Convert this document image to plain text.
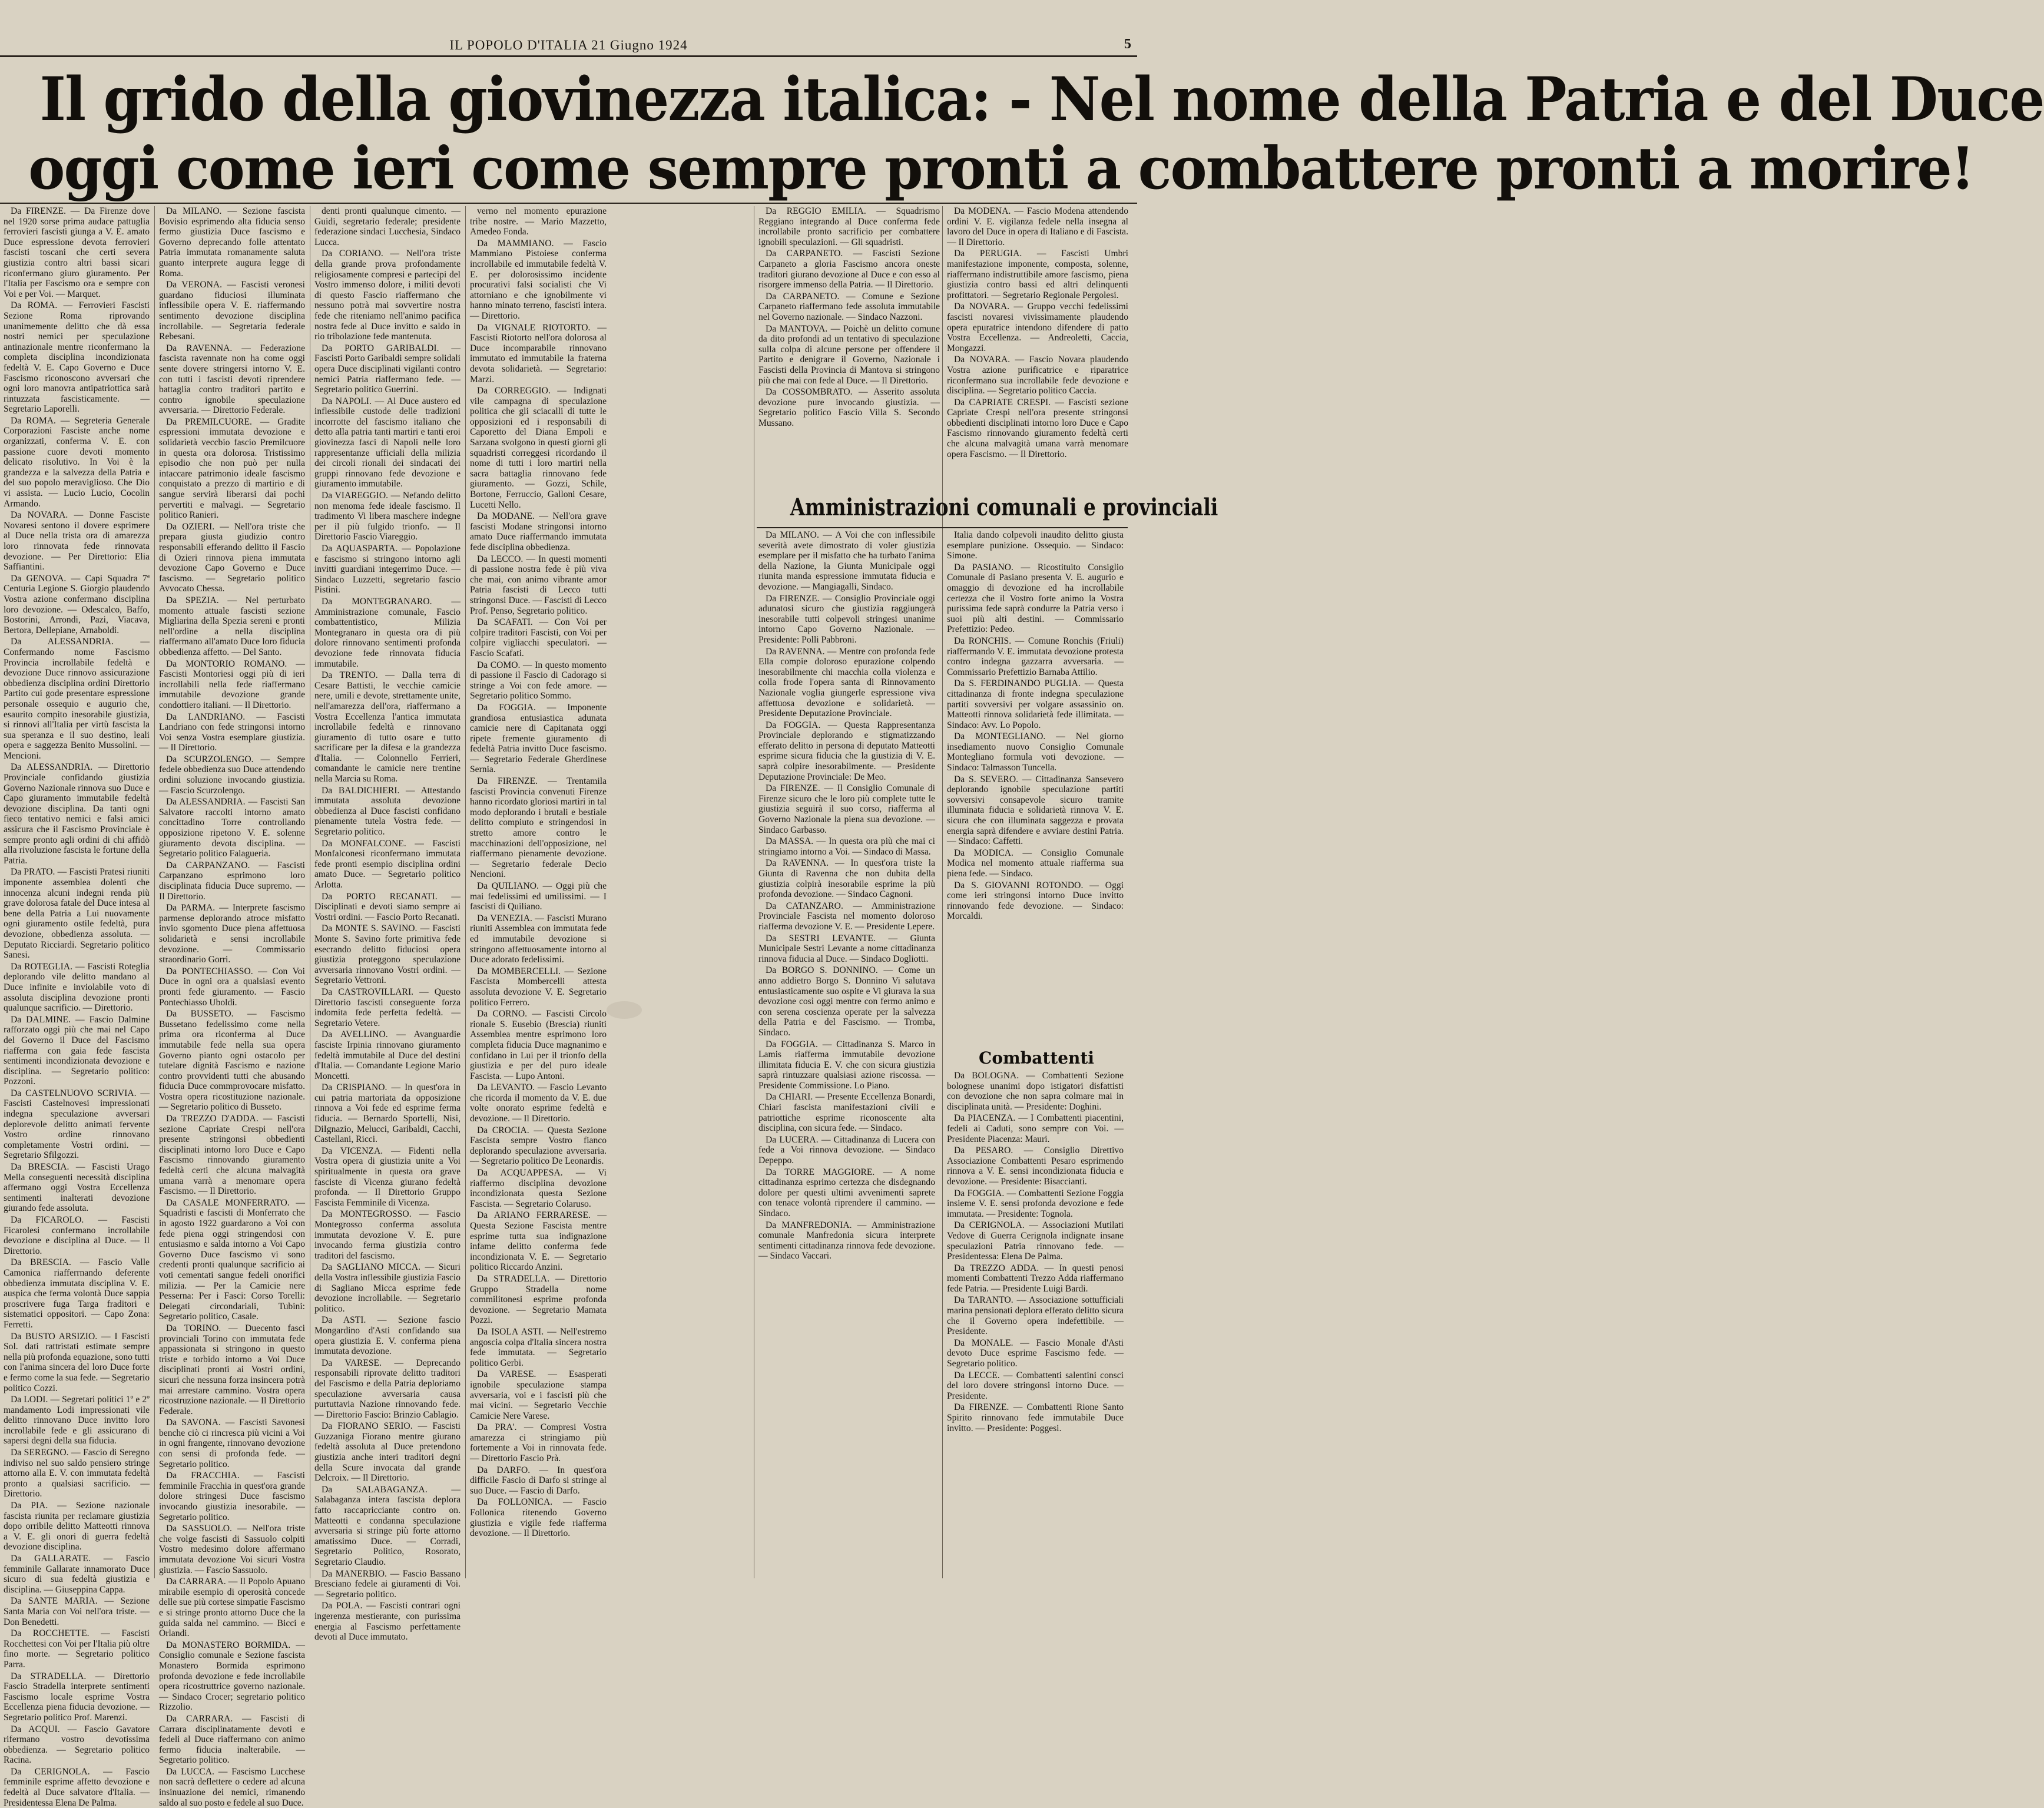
IL POPOLO D'ITALIA 21 Giugno 1924	5
Il grido della giovinezza italica: - Nel nome della Patria e del Duce
oggi come ieri come sempre pronti a combattere pronti a morire!

Da FIRENZE. — Da Firenze dove nel 1920 sorse prima audace pattuglia ferrovieri fascisti giunga a V. E. amato Duce espressione devota ferrovieri fascisti toscani che certi severa giustizia contro altri bassi sicari riconfermano giuro giuramento. Per l'Italia per Fascismo ora e sempre con Voi e per Voi. — Marquet.

Da ROMA. — Ferrovieri Fascisti Sezione Roma riprovando unanimemente delitto che dà essa nostri nemici per speculazione antinazionale mentre riconfermano la completa disciplina incondizionata fedeltà V. E. Capo Governo e Duce Fascismo riconoscono avversari che ogni loro manovra antipatriottica sarà rintuzzata fascisticamente. — Segretario Laporelli.

Da ROMA. — Segreteria Generale Corporazioni Fasciste anche nome organizzati, conferma V. E. con passione cuore devoti momento delicato risolutivo. In Voi è la grandezza e la salvezza della Patria e del suo popolo meraviglioso. Che Dio vi assista. — Lucio Lucio, Cocolin Armando.

Da NOVARA. — Donne Fasciste Novaresi sentono il dovere esprimere al Duce nella trista ora di amarezza loro rinnovata fede rinnovata devozione. — Per Direttorio: Elia Saffiantini.

Da GENOVA. — Capi Squadra 7ª Centuria Legione S. Giorgio plaudendo Vostra azione confermano disciplina loro devozione. — Odescalco, Baffo, Bostorini, Arrondi, Pazi, Viacava, Bertora, Dellepiane, Arnaboldi.

Da ALESSANDRIA. — Confermando nome Fascismo Provincia incrollabile fedeltà e devozione Duce rinnovo assicurazione obbedienza disciplina ordini Direttorio Partito cui gode presentare espressione personale ossequio e augurio che, esaurito compito inesorabile giustizia, si rinnovi all'Italia per virtù fascista la sua speranza e il suo destino, leali opera e saggezza Benito Mussolini. — Mencioni.

Da ALESSANDRIA. — Direttorio Provinciale confidando giustizia Governo Nazionale rinnova suo Duce e Capo giuramento immutabile fedeltà devozione disciplina. Da tanti ogni fieco tentativo nemici e falsi amici assicura che il Fascismo Provinciale è sempre pronto agli ordini di chi affidò alla rivoluzione fascista le fortune della Patria.

Da PRATO. — Fascisti Pratesi riuniti imponente assemblea dolenti che innocenza alcuni indegni renda più grave dolorosa fatale del Duce intesa al bene della Patria a Lui nuovamente ogni giuramento ostile fedeltà, pura devozione, obbedienza assoluta. — Deputato Ricciardi. Segretario politico Sanesi.

Da ROTEGLIA. — Fascisti Roteglia deplorando vile delitto mandano al Duce infinite e inviolabile voto di assoluta disciplina devozione pronti qualunque sacrificio. — Direttorio.

Da DALMINE. — Fascio Dalmine rafforzato oggi più che mai nel Capo del Governo il Duce del Fascismo riafferma con gaia fede fascista sentimenti incondizionata devozione e disciplina. — Segretario politico: Pozzoni.

Da CASTELNUOVO SCRIVIA. — Fascisti Castelnovesi impressionati indegna speculazione avversari deplorevole delitto animati fervente Vostro ordine rinnovano completamente Vostri ordini. — Segretario Sfilgozzi.

Da BRESCIA. — Fascisti Urago Mella conseguenti necessità disciplina affermano oggi Vostra Eccellenza sentimenti inalterati devozione giurando fede assoluta.

Da FICAROLO. — Fascisti Ficarolesi confermano incrollabile devozione e disciplina al Duce. — Il Direttorio.

Da BRESCIA. — Fascio Valle Camonica riafferrnando deferente obbedienza immutata disciplina V. E. auspica che ferma volontà Duce sappia proscrivere fuga Targa fraditori e sistematici oppositori. — Capo Zona: Ferretti.

Da BUSTO ARSIZIO. — I Fascisti Sol. dati rattristati estimate sempre nella più profonda equazione, sono tutti con l'anima sincera del loro Duce forte e fermo come la sua fede. — Segretario politico Cozzi.

Da LODI. — Segretari politici 1º e 2º mandamento Lodi impressionati vile delitto rinnovano Duce invitto loro incrollabile fede e gli assicurano di sapersi degni della sua fiducia.

Da SEREGNO. — Fascio di Seregno indiviso nel suo saldo pensiero stringe attorno alla E. V. con immutata fedeltà pronto a qualsiasi sacrificio. — Direttorio.

Da PIA. — Sezione nazionale fascista riunita per reclamare giustizia dopo orribile delitto Matteotti rinnova a V. E. gli onori di guerra fedeltà devozione disciplina.

Da GALLARATE. — Fascio femminile Gallarate innamorato Duce sicuro di sua fedeltà giustizia e disciplina. — Giuseppina Cappa.

Da SANTE MARIA. — Sezione Santa Maria con Voi nell'ora triste. — Don Benedetti.

Da ROCCHETTE. — Fascisti Rocchettesi con Voi per l'Italia più oltre fino morte. — Segretario politico Parra.

Da STRADELLA. — Direttorio Fascio Stradella interprete sentimenti Fascismo locale esprime Vostra Eccellenza piena fiducia devozione. — Segretario politico Prof. Marenzi.

Da ACQUI. — Fascio Gavatore rifermano vostro devotissima obbedienza. — Segretario politico Racina.

Da CERIGNOLA. — Fascio femminile esprime affetto devozione e fedeltà al Duce salvatore d'Italia. — Presidentessa Elena De Palma.

Da MILANO. — Sezione fascista Bovisio esprimendo alta fiducia senso fermo giustizia Duce fascismo e Governo deprecando folle attentato Patria immutata romanamente saluta guanto interprete augura legge di Roma.

Da VERONA. — Fascisti veronesi guardano fiduciosi illuminata inflessibile opera V. E. riaffermando sentimento devozione disciplina incrollabile. — Segretaria federale Rebesani.

Da RAVENNA. — Federazione fascista ravennate non ha come oggi sente dovere stringersi intorno V. E. con tutti i fascisti devoti riprendere battaglia contro traditori partito e contro ignobile speculazione avversaria. — Direttorio Federale.

Da PREMILCUORE. — Gradite espressioni immutata devozione e solidarietà veccbio fascio Premilcuore in questa ora dolorosa. Tristissimo episodio che non può per nulla intaccare patrimonio ideale fascismo conquistato a prezzo di martirio e di sangue servirà liberarsi dai pochi pervertiti e malvagi. — Segretario politico Ranieri.

Da OZIERI. — Nell'ora triste che prepara giusta giudizio contro responsabili efferando delitto il Fascio di Ozieri rinnova piena immutata devozione Capo Governo e Duce fascismo. — Segretario politico Avvocato Chessa.

Da SPEZIA. — Nel perturbato momento attuale fascisti sezione Migliarina della Spezia sereni e pronti nell'ordine a nella disciplina riaffermano all'amato Duce loro fiducia obbedienza affetto. — Del Santo.

Da MONTORIO ROMANO. — Fascisti Montoriesi oggi più di ieri incrollabili nella fede riaffermano immutabile devozione grande condottiero italiani. — Il Direttorio.

Da LANDRIANO. — Fascisti Landriano con fede stringonsi intorno Voi senza Vostra esemplare giustizia. — Il Direttorio.

Da SCURZOLENGO. — Sempre fedele obbedienza suo Duce attendendo ordini soluzione invocando giustizia. — Fascio Scurzolengo.

Da ALESSANDRIA. — Fascisti San Salvatore raccolti intorno amato concittadino Torre controllando opposizione ripetono V. E. solenne giuramento devota disciplina. — Segretario politico Falagueria.

Da CARPANZANO. — Fascisti Carpanzano esprimono loro disciplinata fiducia Duce supremo. — Il Direttorio.

Da PARMA. — Interprete fascismo parmense deplorando atroce misfatto invio sgomento Duce piena affettuosa solidarietà e sensi incrollabile devozione. — Commissario straordinario Gorri.

Da PONTECHIASSO. — Con Voi Duce in ogni ora a qualsiasi evento pronti fede giuramento. — Fascio Pontechiasso Uboldi.

Da BUSSETO. — Fascismo Bussetano fedelissimo come nella prima ora riconferma al Duce immutabile fede nella sua opera Governo pianto ogni ostacolo per tutelare dignità Fascismo e nazione contro provvidenti tutti che abusando fiducia Duce commprovocare misfatto. Vostra opera ricostituzione nazionale. — Segretario politico di Busseto.

Da TREZZO D'ADDA. — Fascisti sezione Capriate Crespi nell'ora presente stringonsi obbedienti disciplinati intorno loro Duce e Capo Fascismo rinnovando giuramento fedeltà certi che alcuna malvagità umana varrà a menomare opera Fascismo. — Il Direttorio.

Da CASALE MONFERRATO. — Squadristi e fascisti di Monferrato che in agosto 1922 guardarono a Voi con fede piena oggi stringendosi con entusiasmo e salda intorno a Voi Capo Governo Duce fascismo vi sono credenti pronti qualunque sacrificio ai voti cementati sangue fedeli onorifici milizia. — Per la Camicie nere Pesserna: Per i Fasci: Corso Torelli: Delegati circondariali, Tubini: Segretario politico, Casale.

Da TORINO. — Duecento fasci provinciali Torino con immutata fede appassionata si stringono in questo triste e torbido intorno a Voi Duce disciplinati pronti ai Vostri ordini, sicuri che nessuna forza insincera potrà mai arrestare cammino. Vostra opera ricostruzione nazionale. — Il Direttorio Federale.

Da SAVONA. — Fascisti Savonesi benche ciò ci rincresca più vicini a Voi in ogni frangente, rinnovano devozione con sensi di profonda fede. — Segretario politico.

Da FRACCHIA. — Fascisti femminile Fracchia in quest'ora grande dolore stringesi Duce fascismo invocando giustizia inesorabile. — Segretario politico.

Da SASSUOLO. — Nell'ora triste che volge fascisti di Sassuolo colpiti Vostro medesimo dolore affermano immutata devozione Voi sicuri Vostra giustizia. — Fascio Sassuolo.

Da CARRARA. — Il Popolo Apuano mirabile esempio di operosità concede delle sue più cortese simpatie Fascismo e si stringe pronto attorno Duce che la guida salda nel cammino. — Bicci e Orlandi.

Da MONASTERO BORMIDA. — Consiglio comunale e Sezione fascista Monastero Bormida esprimono profonda devozione e fede incrollabile opera ricostruttrice governo nazionale. — Sindaco Crocer; segretario politico Rizzolio.

Da CARRARA. — Fascisti di Carrara disciplinatamente devoti e fedeli al Duce riaffermano con animo fermo fiducia inalterabile. — Segretario politico.

Da LUCCA. — Fascismo Lucchese non sacrà deflettere o cedere ad alcuna insinuazione dei nemici, rimanendo saldo al suo posto e fedele al suo Duce.

denti pronti qualunque cimento. — Guidi, segretario federale; presidente federazione sindaci Lucchesia, Sindaco Lucca.

Da CORIANO. — Nell'ora triste della grande prova profondamente religiosamente compresi e partecipi del Vostro immenso dolore, i militi devoti di questo Fascio riaffermano che nessuno potrà mai sovvertire nostra fede che riteniamo nell'animo pacifica nostra fede al Duce invitto e saldo in rio tribolazione fede mantenuta.

Da PORTO GARIBALDI. — Fascisti Porto Garibaldi sempre solidali opera Duce disciplinati vigilanti contro nemici Patria riaffermano fede. — Segretario politico Guerrini.

Da NAPOLI. — Al Duce austero ed inflessibile custode delle tradizioni incorrotte del fascismo italiano che detto alla patria tanti martiri e tanti eroi giovinezza fasci di Napoli nelle loro rappresentanze ufficiali della milizia dei circoli rionali dei sindacati dei gruppi rinnovano fede devozione e giuramento immutabile.

Da VIAREGGIO. — Nefando delitto non menoma fede ideale fascismo. Il tradimento Vi libera maschere indegne per il più fulgido trionfo. — Il Direttorio Fascio Viareggio.

Da AQUASPARTA. — Popolazione e fascismo si stringono intorno agli invitti guardiani integerrimo Duce. — Sindaco Luzzetti, segretario fascio Pistini.

Da MONTEGRANARO. — Amministrazione comunale, Fascio combattentistico, Milizia Montegranaro in questa ora di più dolore rinnovano sentimenti profonda devozione fede rinnovata fiducia immutabile.

Da TRENTO. — Dalla terra di Cesare Battisti, le vecchie camicie nere, umili e devote, strettamente unite, nell'amarezza dell'ora, riaffermano a Vostra Eccellenza l'antica immutata incrollabile fedeltà e rinnovano giuramento di tutto osare e tutto sacrificare per la difesa e la grandezza d'Italia. — Colonnello Ferrieri, comandante le camicie nere trentine nella Marcia su Roma.

Da BALDICHIERI. — Attestando immutata assoluta devozione obbedienza al Duce fascisti confidano pienamente tutela Vostra fede. — Segretario politico.

Da MONFALCONE. — Fascisti Monfalconesi riconfermano immutata fede pronti esempio disciplina ordini amato Duce. — Segretario politico Arlotta.

Da PORTO RECANATI. — Disciplinati e devoti siamo sempre ai Vostri ordini. — Fascio Porto Recanati.

Da MONTE S. SAVINO. — Fascisti Monte S. Savino forte primitiva fede esecrando delitto fiduciosi opera giustizia proteggono speculazione avversaria rinnovano Vostri ordini. — Segretario Vettroni.

Da CASTROVILLARI. — Questo Direttorio fascisti conseguente forza indomita fede perfetta fedeltà. — Segretario Vetere.

Da AVELLINO. — Avanguardie fasciste Irpinia rinnovano giuramento fedeltà immutabile al Duce del destini d'Italia. — Comandante Legione Mario Moncetti.

Da CRISPIANO. — In quest'ora in cui patria martoriata da opposizione rinnova a Voi fede ed esprime ferma fiducia. — Bernardo Sportelli, Nisi, DiIgnazio, Melucci, Garibaldi, Cacchi, Castellani, Ricci.

Da VICENZA. — Fidenti nella Vostra opera di giustizia unite a Voi spiritualmente in questa ora grave fasciste di Vicenza giurano fedeltà profonda. — Il Direttorio Gruppo Fascista Femminile di Vicenza.

Da MONTEGROSSO. — Fascio Montegrosso conferma assoluta immutata devozione V. E. pure invocando ferma giustizia contro traditori del fascismo.

Da SAGLIANO MICCA. — Sicuri della Vostra inflessibile giustizia Fascio di Sagliano Micca esprime fede devozione incrollabile. — Segretario politico.

Da ASTI. — Sezione fascio Mongardino d'Asti confidando sua opera giustizia E. V. conferma piena immutata devozione.

Da VARESE. — Deprecando responsabili riprovate delitto traditori del Fascismo e della Patria deploriamo speculazione avversaria causa purtuttavia Nazione rinnovando fede. — Direttorio Fascio: Brinzio Cablagio.

Da FIORANO SERIO. — Fascisti Guzzaniga Fiorano mentre giurano fedeltà assoluta al Duce pretendono giustizia anche interi traditori degni della Scure invocata dal grande Delcroix. — Il Direttorio.

Da SALABAGANZA. — Salabaganza intera fascista deplora fatto raccapricciante contro on. Matteotti e condanna speculazione avversaria si stringe più forte attorno amatissimo Duce. — Corradi, Segretario Politico, Rosorato, Segretario Claudio.

Da MANERBIO. — Fascio Bassano Bresciano fedele ai giuramenti di Voi. — Segretario politico.

Da POLA. — Fascisti contrari ogni ingerenza mestierante, con purissima energia al Fascismo perfettamente devoti al Duce immutato.

verno nel momento epurazione tribe nostre. — Mario Mazzetto, Amedeo Fonda.

Da MAMMIANO. — Fascio Mammiano Pistoiese conferma incrollabile ed immutabile fedeltà V. E. per dolorosissimo incidente procurativi falsi socialisti che Vi attorniano e che ignobilmente vi hanno minato terreno, fascisti intera. — Direttorio.

Da VIGNALE RIOTORTO. — Fascisti Riotorto nell'ora dolorosa al Duce incomparabile rinnovano immutato ed immutabile la fraterna devota solidarietà. — Segretario: Marzi.

Da CORREGGIO. — Indignati vile campagna di speculazione politica che gli sciacalli di tutte le opposizioni ed i responsabili di Caporetto del Diana Empoli e Sarzana svolgono in questi giorni gli squadristi correggesi ricordando il nome di tutti i loro martiri nella sacra battaglia rinnovano fede giuramento. — Gozzi, Schile, Bortone, Ferruccio, Galloni Cesare, Lucetti Nello.

Da MODANE. — Nell'ora grave fascisti Modane stringonsi intorno amato Duce riaffermando immutata fede disciplina obbedienza.

Da LECCO. — In questi momenti di passione nostra fede è più viva che mai, con animo vibrante amor Patria fascisti di Lecco tutti stringonsi Duce. — Fascisti di Lecco Prof. Penso, Segretario politico.

Da SCAFATI. — Con Voi per colpire traditori Fascisti, con Voi per colpire vigliacchi speculatori. — Fascio Scafati.

Da COMO. — In questo momento di passione il Fascio di Cadorago si stringe a Voi con fede amore. — Segretario politico Sommo.

Da FOGGIA. — Imponente grandiosa entusiastica adunata camicie nere di Capitanata oggi ripete fremente giuramento di fedeltà Patria invitto Duce fascismo. — Segretario Federale Gherdinese Sernia.

Da FIRENZE. — Trentamila fascisti Provincia convenuti Firenze hanno ricordato gloriosi martiri in tal modo deplorando i brutali e bestiale delitto compiuto e stringendosi in stretto amore contro le macchinazioni dell'opposizione, nel riaffermano pienamente devozione. — Segretario federale Decio Nencioni.

Da QUILIANO. — Oggi più che mai fedelissimi ed umilissimi. — I fascisti di Quiliano.

Da VENEZIA. — Fascisti Murano riuniti Assemblea con immutata fede ed immutabile devozione si stringono affettuosamente intorno al Duce adorato fedelissimi.

Da MOMBERCELLI. — Sezione Fascista Mombercelli attesta assoluta devozione V. E. Segretario politico Ferrero.

Da CORNO. — Fascisti Circolo rionale S. Eusebio (Brescia) riuniti Assemblea mentre esprimono loro completa fiducia Duce magnanimo e confidano in Lui per il trionfo della giustizia e per del puro ideale Fascista. — Lupo Antoni.

Da LEVANTO. — Fascio Levanto che ricorda il momento da V. E. due volte onorato esprime fedeltà e devozione. — Il Direttorio.

Da CROCIA. — Questa Sezione Fascista sempre Vostro fianco deplorando speculazione avversaria. — Segretario politico De Leonardis.

Da ACQUAPPESA. — Vi riaffermo disciplina devozione incondizionata questa Sezione Fascista. — Segretario Colaruso.

Da ARIANO FERRARESE. — Questa Sezione Fascista mentre esprime tutta sua indignazione infame delitto conferma fede incondizionata V. E. — Segretario politico Riccardo Anzini.

Da STRADELLA. — Direttorio Gruppo Stradella nome commilitonesi esprime profonda devozione. — Segretario Mamata Pozzi.

Da ISOLA ASTI. — Nell'estremo angoscia colpa d'Italia sincera nostra fede immutata. — Segretario politico Gerbi.

Da VARESE. — Esasperati ignobile speculazione stampa avversaria, voi e i fascisti più che mai vicini. — Segretario Vecchie Camicie Nere Varese.

Da PRA'. — Compresi Vostra amarezza ci stringiamo più fortemente a Voi in rinnovata fede. — Direttorio Fascio Prà.

Da DARFO. — In quest'ora difficile Fascio di Darfo si stringe al suo Duce. — Fascio di Darfo.

Da FOLLONICA. — Fascio Follonica ritenendo Governo giustizia e vigile fede riafferma devozione. — Il Direttorio.

Da REGGIO EMILIA. — Squadrismo Reggiano integrando al Duce conferma fede incrollabile pronto sacrificio per combattere ignobili speculazioni. — Gli squadristi.

Da CARPANETO. — Fascisti Sezione Carpaneto a gloria Fascismo ancora oneste traditori giurano devozione al Duce e con esso al risorgere immenso della Patria. — Il Direttorio.

Da CARPANETO. — Comune e Sezione Carpaneto riaffermano fede assoluta immutabile nel Governo nazionale. — Sindaco Nazzoni.

Da MANTOVA. — Poichè un delitto comune da dito profondi ad un tentativo di speculazione sulla colpa di alcune persone per offendere il Partito e denigrare il Governo, Nazionale i Fascisti della Provincia di Mantova si stringono più che mai con fede al Duce. — Il Direttorio.

Da COSSOMBRATO. — Asserito assoluta devozione pure invocando giustizia. — Segretario politico Fascio Villa S. Secondo Mussano.

Da MODENA. — Fascio Modena attendendo ordini V. E. vigilanza fedele nella insegna al lavoro del Duce in opera di Italiano e di Fascista. — Il Direttorio.

Da PERUGIA. — Fascisti Umbri manifestazione imponente, composta, solenne, riaffermano indistruttibile amore fascismo, piena giustizia contro bassi ed altri delinquenti profittatori. — Segretario Regionale Pergolesi.

Da NOVARA. — Gruppo vecchi fedelissimi fascisti novaresi vivissimamente plaudendo opera epuratrice intendono difendere di patto Vostra Eccellenza. — Andreoletti, Caccia, Mongazzi.

Da NOVARA. — Fascio Novara plaudendo Vostra azione purificatrice e riparatrice riconfermano sua incrollabile fede devozione e disciplina. — Segretario politico Caccia.

Da CAPRIATE CRESPI. — Fascisti sezione Capriate Crespi nell'ora presente stringonsi obbedienti disciplinati intorno loro Duce e Capo Fascismo rinnovando giuramento fedeltà certi che alcuna malvagità umana varrà menomare opera Fascismo. — Il Direttorio.

Amministrazioni comunali e provinciali

Da MILANO. — A Voi che con inflessibile severità avete dimostrato di voler giustizia esemplare per il misfatto che ha turbato l'anima della Nazione, la Giunta Municipale oggi riunita manda espressione immutata fiducia e devozione. — Mangiagalli, Sindaco.

Da FIRENZE. — Consiglio Provinciale oggi adunatosi sicuro che giustizia raggiungerà inesorabile tutti colpevoli stringesi unanime intorno Capo Governo Nazionale. — Presidente: Polli Pabbroni.

Da RAVENNA. — Mentre con profonda fede Ella compie doloroso epurazione colpendo inesorabilmente chi macchia colla violenza e colla frode l'opera santa di Rinnovamento Nazionale voglia giungerle espressione viva affettuosa devozione e solidarietà. — Presidente Deputazione Provinciale.

Da FOGGIA. — Questa Rappresentanza Provinciale deplorando e stigmatizzando efferato delitto in persona di deputato Matteotti esprime sicura fiducia che la giustizia di V. E. saprà colpire inesorabilmente. — Presidente Deputazione Provinciale: De Meo.

Da FIRENZE. — Il Consiglio Comunale di Firenze sicuro che le loro più complete tutte le giustizia seguirà il suo corso, riafferma al Governo Nazionale la piena sua devozione. — Sindaco Garbasso.

Da MASSA. — In questa ora più che mai ci stringiamo intorno a Voi. — Sindaco di Massa.

Da RAVENNA. — In quest'ora triste la Giunta di Ravenna che non dubita della giustizia colpirà inesorabile esprime la più profonda devozione. — Sindaco Cagnoni.

Da CATANZARO. — Amministrazione Provinciale Fascista nel momento doloroso riafferma devozione V. E. — Presidente Lepere.

Da SESTRI LEVANTE. — Giunta Municipale Sestri Levante a nome cittadinanza rinnova fiducia al Duce. — Sindaco Dogliotti.

Da BORGO S. DONNINO. — Come un anno addietro Borgo S. Donnino Vi salutava entusiasticamente suo ospite e Vi giurava la sua devozione così oggi mentre con fermo animo e con serena coscienza operate per la salvezza della Patria e del Fascismo. — Tromba, Sindaco.

Da FOGGIA. — Cittadinanza S. Marco in Lamis riafferma immutabile devozione illimitata fiducia E. V. che con sicura giustizia saprà rintuzzare qualsiasi azione riscossa. — Presidente Commissione. Lo Piano.

Da CHIARI. — Presente Eccellenza Bonardi, Chiari fascista manifestazioni civili e patriottiche esprime riconoscente alta disciplina, con sicura fede. — Sindaco.

Da LUCERA. — Cittadinanza di Lucera con fede a Voi rinnova devozione. — Sindaco Depeppo.

Da TORRE MAGGIORE. — A nome cittadinanza esprimo certezza che disdegnando dolore per questi ultimi avvenimenti saprete con tenace volontà riprendere il cammino. — Sindaco.

Da MANFREDONIA. — Amministrazione comunale Manfredonia sicura interprete sentimenti cittadinanza rinnova fede devozione. — Sindaco Vaccari.

Italia dando colpevoli inaudito delitto giusta esemplare punizione. Ossequio. — Sindaco: Simone.

Da PASIANO. — Ricostituito Consiglio Comunale di Pasiano presenta V. E. augurio e omaggio di devozione ed ha incrollabile certezza che il Vostro forte animo la Vostra purissima fede saprà condurre la Patria verso i suoi più alti destini. — Commissario Prefettizio: Pedeo.

Da RONCHIS. — Comune Ronchis (Friuli) riaffermando V. E. immutata devozione protesta contro indegna gazzarra avversaria. — Commissario Prefettizio Barnaba Attilio.

Da S. FERDINANDO PUGLIA. — Questa cittadinanza di fronte indegna speculazione partiti sovversivi per volgare assassinio on. Matteotti rinnova solidarietà fede illimitata. — Sindaco: Avv. Lo Popolo.

Da MONTEGLIANO. — Nel giorno insediamento nuovo Consiglio Comunale Montegliano formula voti devozione. — Sindaco: Talmasson Tuncella.

Da S. SEVERO. — Cittadinanza Sansevero deplorando ignobile speculazione partiti sovversivi consapevole sicuro tramite illuminata fiducia e solidarietà rinnova V. E. sicura che con illuminata saggezza e provata energia saprà difendere e avviare destini Patria. — Sindaco: Caffetti.

Da MODICA. — Consiglio Comunale Modica nel momento attuale riafferma sua piena fede. — Sindaco.

Da S. GIOVANNI ROTONDO. — Oggi come ieri stringonsi intorno Duce invitto rinnovando fede devozione. — Sindaco: Morcaldi.

Combattenti

Da BOLOGNA. — Combattenti Sezione bolognese unanimi dopo istigatori disfattisti con devozione che non sapra colmare mai in disciplinata unità. — Presidente: Doghini.

Da PIACENZA. — I Combattenti piacentini, fedeli ai Caduti, sono sempre con Voi. — Presidente Piacenza: Mauri.

Da PESARO. — Consiglio Direttivo Associazione Combattenti Pesaro esprimendo rinnova a V. E. sensi incondizionata fiducia e devozione. — Presidente: Bisaccianti.

Da FOGGIA. — Combattenti Sezione Foggia insieme V. E. sensi profonda devozione e fede immutata. — Presidente: Tognola.

Da CERIGNOLA. — Associazioni Mutilati Vedove di Guerra Cerignola indignate insane speculazioni Patria rinnovano fede. — Presidentessa: Elena De Palma.

Da TREZZO ADDA. — In questi penosi momenti Combattenti Trezzo Adda riaffermano fede Patria. — Presidente Luigi Bardi.

Da TARANTO. — Associazione sottufficiali marina pensionati deplora efferato delitto sicura che il Governo opera indefettibile. — Presidente.

Da MONALE. — Fascio Monale d'Asti devoto Duce esprime Fascismo fede. — Segretario politico.

Da LECCE. — Combattenti salentini consci del loro dovere stringonsi intorno Duce. — Presidente.

Da FIRENZE. — Combattenti Rione Santo Spirito rinnovano fede immutabile Duce invitto. — Presidente: Poggesi.
